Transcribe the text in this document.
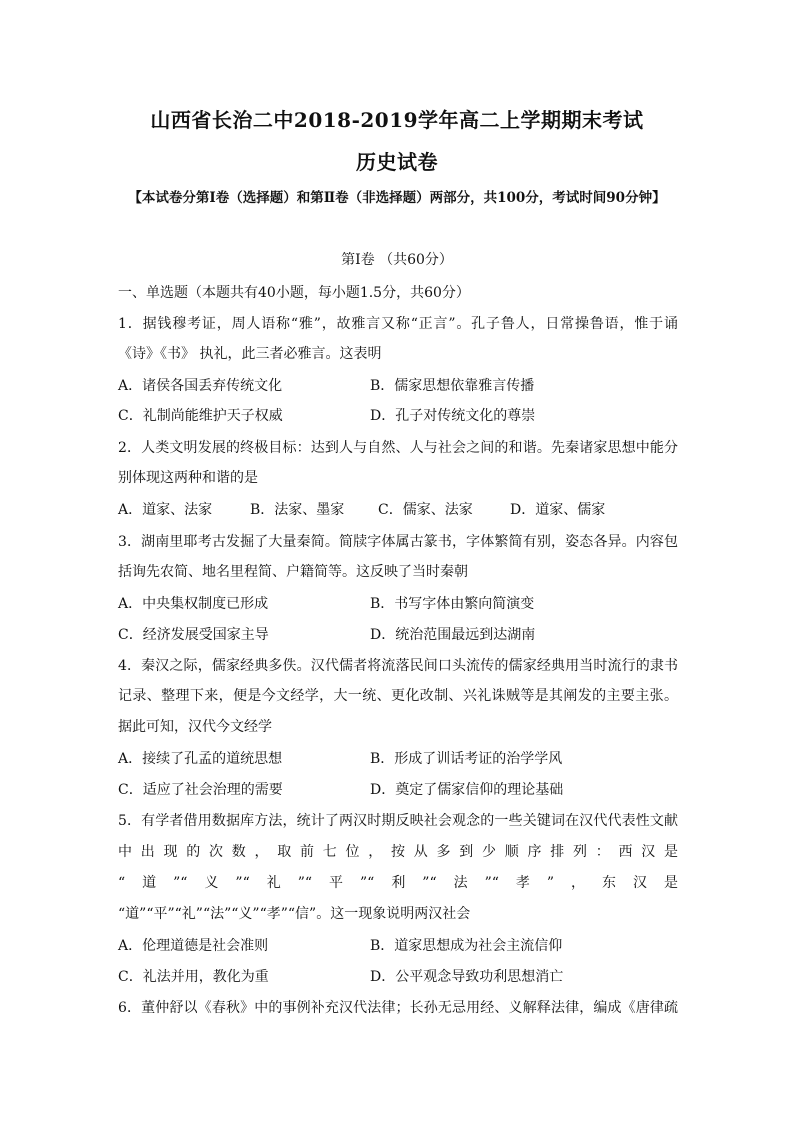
山西省长治二中2018-2019学年高二上学期期末考试
历史试卷
【本试卷分第Ⅰ卷（选择题）和第Ⅱ卷（非选择题）两部分，共100分，考试时间90分钟】
第Ⅰ卷 （共60分）
一、单选题（本题共有40小题，每小题1.5分，共60分）
1．据钱穆考证，周人语称“雅”，故雅言又称“正言”。孔子鲁人，日常操鲁语，惟于诵
《诗》《书》 执礼，此三者必雅言。这表明
A．诸侯各国丢弃传统文化	B．儒家思想依靠雅言传播
C．礼制尚能维护天子权威	D．孔子对传统文化的尊崇
2．人类文明发展的终极目标：达到人与自然、人与社会之间的和谐。先秦诸家思想中能分
别体现这两种和谐的是
A．道家、法家	B．法家、墨家 C．儒家、法家	D．道家、儒家
3．湖南里耶考古发掘了大量秦简。简牍字体属古篆书，字体繁简有别，姿态各异。内容包
括询先农简、地名里程简、户籍简等。这反映了当时秦朝
A．中央集权制度已形成	B．书写字体由繁向简演变
C．经济发展受国家主导	D．统治范围最远到达湖南
4．秦汉之际，儒家经典多佚。汉代儒者将流落民间口头流传的儒家经典用当时流行的隶书
记录、整理下来，便是今文经学，大一统、更化改制、兴礼诛贼等是其阐发的主要主张。
据此可知，汉代今文经学
A．接续了孔孟的道统思想	B．形成了训话考证的治学学风
C．适应了社会治理的需要	D．奠定了儒家信仰的理论基础
5．有学者借用数据库方法，统计了两汉时期反映社会观念的一些关键词在汉代代表性文献
中出现的次数，取前七位，按从多到少顺序排列：西汉是
“道”“义”“礼”“平”“利”“法”“孝”，东汉是
“道”“平”“礼”“法”“义”“孝”“信”。这一现象说明两汉社会
A．伦理道德是社会准则	B．道家思想成为社会主流信仰
C．礼法并用，教化为重	D．公平观念导致功利思想消亡
6．董仲舒以《春秋》中的事例补充汉代法律；长孙无忌用经、义解释法律，编成《唐律疏
